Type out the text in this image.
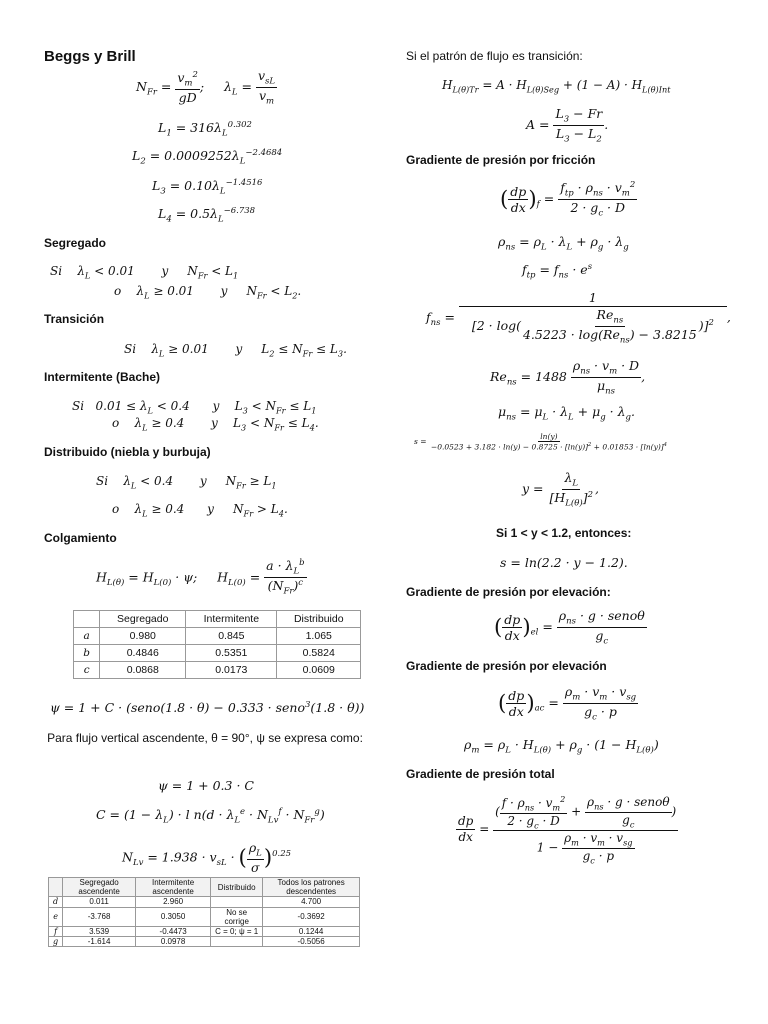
Beggs y Brill
$N_{Fr} = \frac{v_m^2}{gD}$ ;     $\lambda_L = \frac{v_{sL}}{v_m}$
$L_1 = 316\lambda_L^{0.302}$
$L_2 = 0.0009252\lambda_L^{-2.4684}$
$L_3 = 0.10\lambda_L^{-1.4516}$
$L_4 = 0.5\lambda_L^{-6.738}$
Segregado
Si    $\lambda_L < 0.01$       y     $N_{Fr} < L_1$
o    $\lambda_L \ge 0.01$       y     $N_{Fr} < L_2$.
Transición
Si    $\lambda_L \ge 0.01$       y     $L_2 \le N_{Fr} \le L_3$.
Intermitente (Bache)
Si   $0.01 \le \lambda_L < 0.4$      y    $L_3 < N_{Fr} \le L_1$
o    $\lambda_L \ge 0.4$       y    $L_3 < N_{Fr} \le L_4$.
Distribuido (niebla y burbuja)
Si    $\lambda_L < 0.4$       y     $N_{Fr} \ge L_1$
o    $\lambda_L \ge 0.4$      y     $N_{Fr} > L_4$.
Colgamiento
$H_{L(\theta)} = H_{L(0)} \cdot \psi$;     $H_{L(0)} = \frac{a \cdot \lambda_L^b}{(N_{Fr})^c}$
	Segregado	Intermitente	Distribuido
a	0.980	0.845	1.065
b	0.4846	0.5351	0.5824
c	0.0868	0.0173	0.0609
ψ = 1 + C · (seno(1.8 · θ) − 0.333 · seno$^3$(1.8 · θ))
Para flujo vertical ascendente, θ = 90°, ψ se expresa como:
ψ = 1 + 0.3 · C
$C = (1 - \lambda_L) \cdot l$ $n(d \cdot \lambda_L^e \cdot N_{Lv}^f \cdot N_{Fr}^g)$
$N_{Lv} = 1.938 \cdot v_{sL}$ · ( $\frac{\rho_L}{\sigma} )^{0.25}$
	Segregado ascendente	Intermitente ascendente	Distribuido	Todos los patrones descendentes
d	0.011	2.960		4.700
e	-3.768	0.3050	No se corrige	-0.3692
f	3.539	-0.4473	C = 0; ψ = 1	0.1244
g	-1.614	0.0978		-0.5056
Si el patrón de flujo es transición:
$H_{L(\theta)Tr} = A \cdot H_{L(\theta)Seg} + (1 - A) \cdot H_{L(\theta)Int}$
$A = \frac{L_3 - Fr}{L_3 - L_2}$ .
Gradiente de presión por fricción
( $\frac{dp}{dx} )_f = \frac{f_{tp} \cdot \rho_{ns} \cdot v_m^2}{2 \cdot g_c \cdot D}$
$\rho_{ns} = \rho_L \cdot \lambda_L + \rho_g \cdot \lambda_g$
$f_{tp} = f_{ns} \cdot e^s$
$f_{ns} = \frac{1}{[2 \cdot \log( \frac{Re_{ns}}{4.5223 \cdot \log(Re_{ns}) - 3.8215} )]^2}$ ,
$Re_{ns} = 1488 \frac{\rho_{ns} \cdot v_m \cdot D}{\mu_{ns}}$ ,
$\mu_{ns} = \mu_L \cdot \lambda_L + \mu_g \cdot \lambda_g$.
s =
ln(y)
$-0.0523 + 3.182 \cdot \ln(y) - 0.8725 \cdot [\ln(y)]^2 + 0.01853 \cdot [\ln(y)]^4$
$y = \frac{\lambda_L}{[H_{L(\theta)}]^2}$ ,
Si 1 < y < 1.2, entonces:
s = ln(2.2 · y − 1.2).
Gradiente de presión por elevación:
( $\frac{dp}{dx} )_{el} = \frac{\rho_{ns} \cdot g \cdot seno\theta}{g_c}$
Gradiente de presión por elevación
( $\frac{dp}{dx} )_{ac} = \frac{\rho_m \cdot v_m \cdot v_{sg}}{g_c \cdot p}$
$\rho_m = \rho_L \cdot H_{L(\theta)} + \rho_g \cdot (1 - H_{L(\theta)})$
Gradiente de presión total
$\frac{dp}{dx} = \frac{( \frac{f \cdot \rho_{ns} \cdot v_m^2}{2 \cdot g_c \cdot D} + \frac{\rho_{ns} \cdot g \cdot seno\theta}{g_c} )}{1 - \frac{\rho_m \cdot v_m \cdot v_{sg}}{g_c \cdot p}}$
